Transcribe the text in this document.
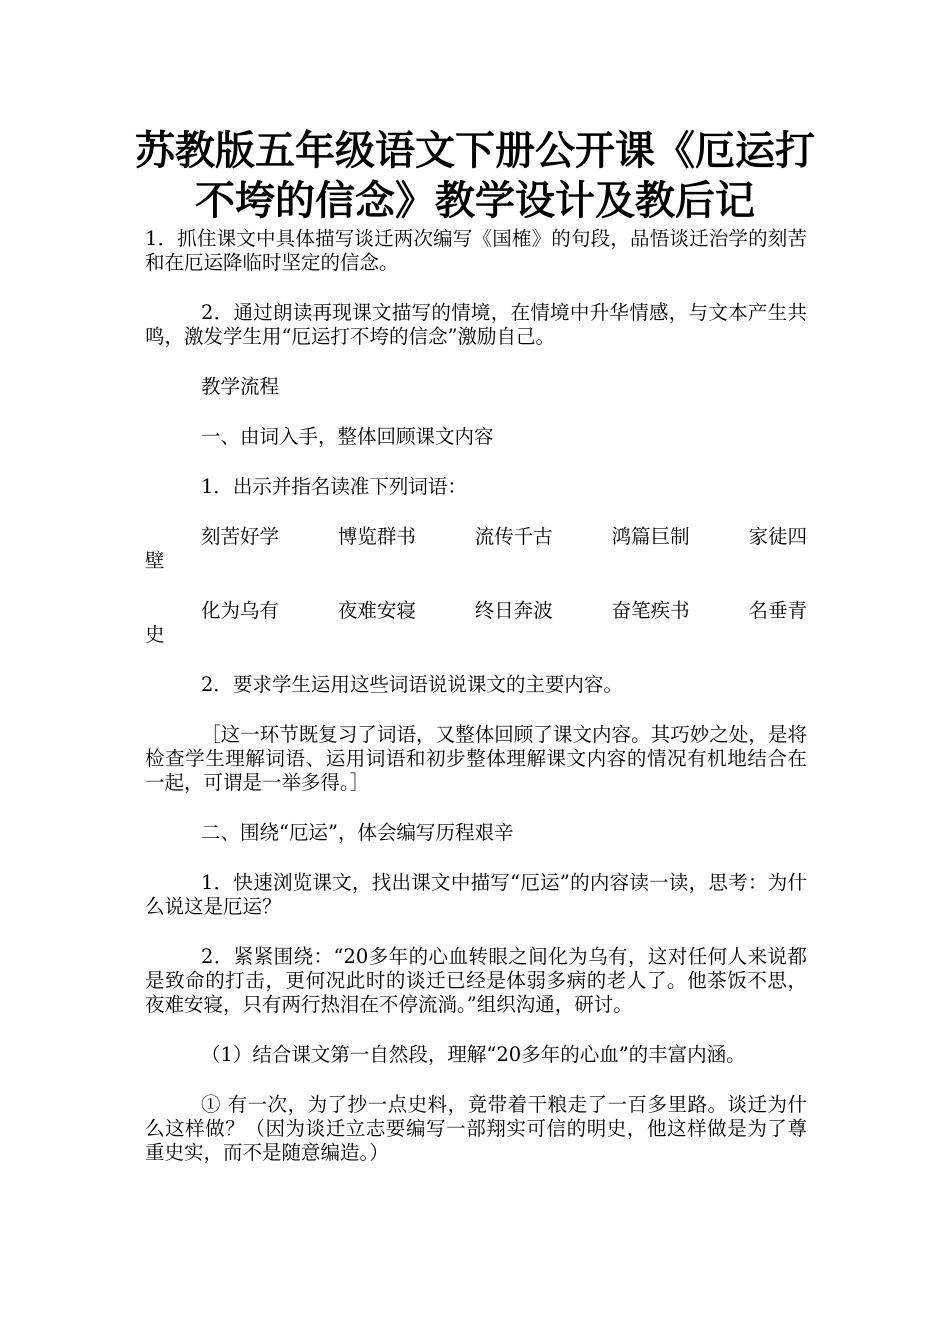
苏教版五年级语文下册公开课《厄运打
不垮的信念》教学设计及教后记

1．抓住课文中具体描写谈迁两次编写《国榷》的句段，品悟谈迁治学的刻苦和在厄运降临时坚定的信念。

2．通过朗读再现课文描写的情境，在情境中升华情感，与文本产生共鸣，激发学生用“厄运打不垮的信念”激励自己。

教学流程

一、由词入手，整体回顾课文内容

1．出示并指名读准下列词语：

刻苦好学	博览群书	流传千古	鸿篇巨制	家徒四
壁
化为乌有	夜难安寝	终日奔波	奋笔疾书	名垂青
史

2．要求学生运用这些词语说说课文的主要内容。

［这一环节既复习了词语，又整体回顾了课文内容。其巧妙之处，是将检查学生理解词语、运用词语和初步整体理解课文内容的情况有机地结合在一起，可谓是一举多得。］

二、围绕“厄运”，体会编写历程艰辛

1．快速浏览课文，找出课文中描写“厄运”的内容读一读，思考：为什么说这是厄运？

2．紧紧围绕：“20多年的心血转眼之间化为乌有，这对任何人来说都是致命的打击，更何况此时的谈迁已经是体弱多病的老人了。他茶饭不思，夜难安寝，只有两行热泪在不停流淌。”组织沟通，研讨。

（1）结合课文第一自然段，理解“20多年的心血”的丰富内涵。

① 有一次，为了抄一点史料，竟带着干粮走了一百多里路。谈迁为什么这样做？（因为谈迁立志要编写一部翔实可信的明史，他这样做是为了尊重史实，而不是随意编造。）
